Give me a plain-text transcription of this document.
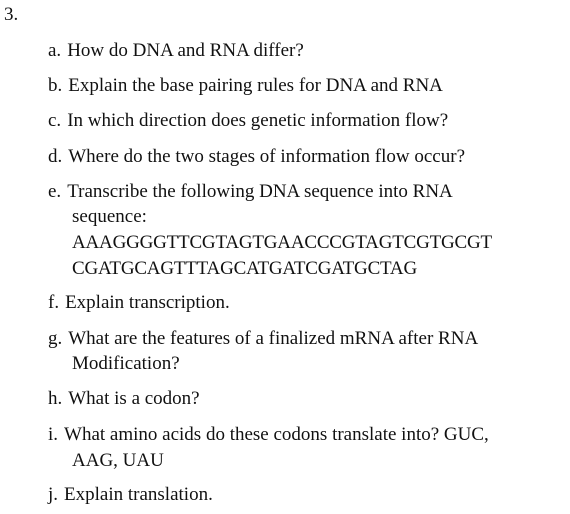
3.
a. How do DNA and RNA differ?
b. Explain the base pairing rules for DNA and RNA
c. In which direction does genetic information flow?
d. Where do the two stages of information flow occur?
e. Transcribe the following DNA sequence into RNA
sequence:
AAAGGGGTTCGTAGTGAACCCGTAGTCGTGCGT
CGATGCAGTTTAGCATGATCGATGCTAG
f. Explain transcription.
g. What are the features of a finalized mRNA after RNA
Modification?
h. What is a codon?
i. What amino acids do these codons translate into? GUC,
AAG, UAU
j. Explain translation.
